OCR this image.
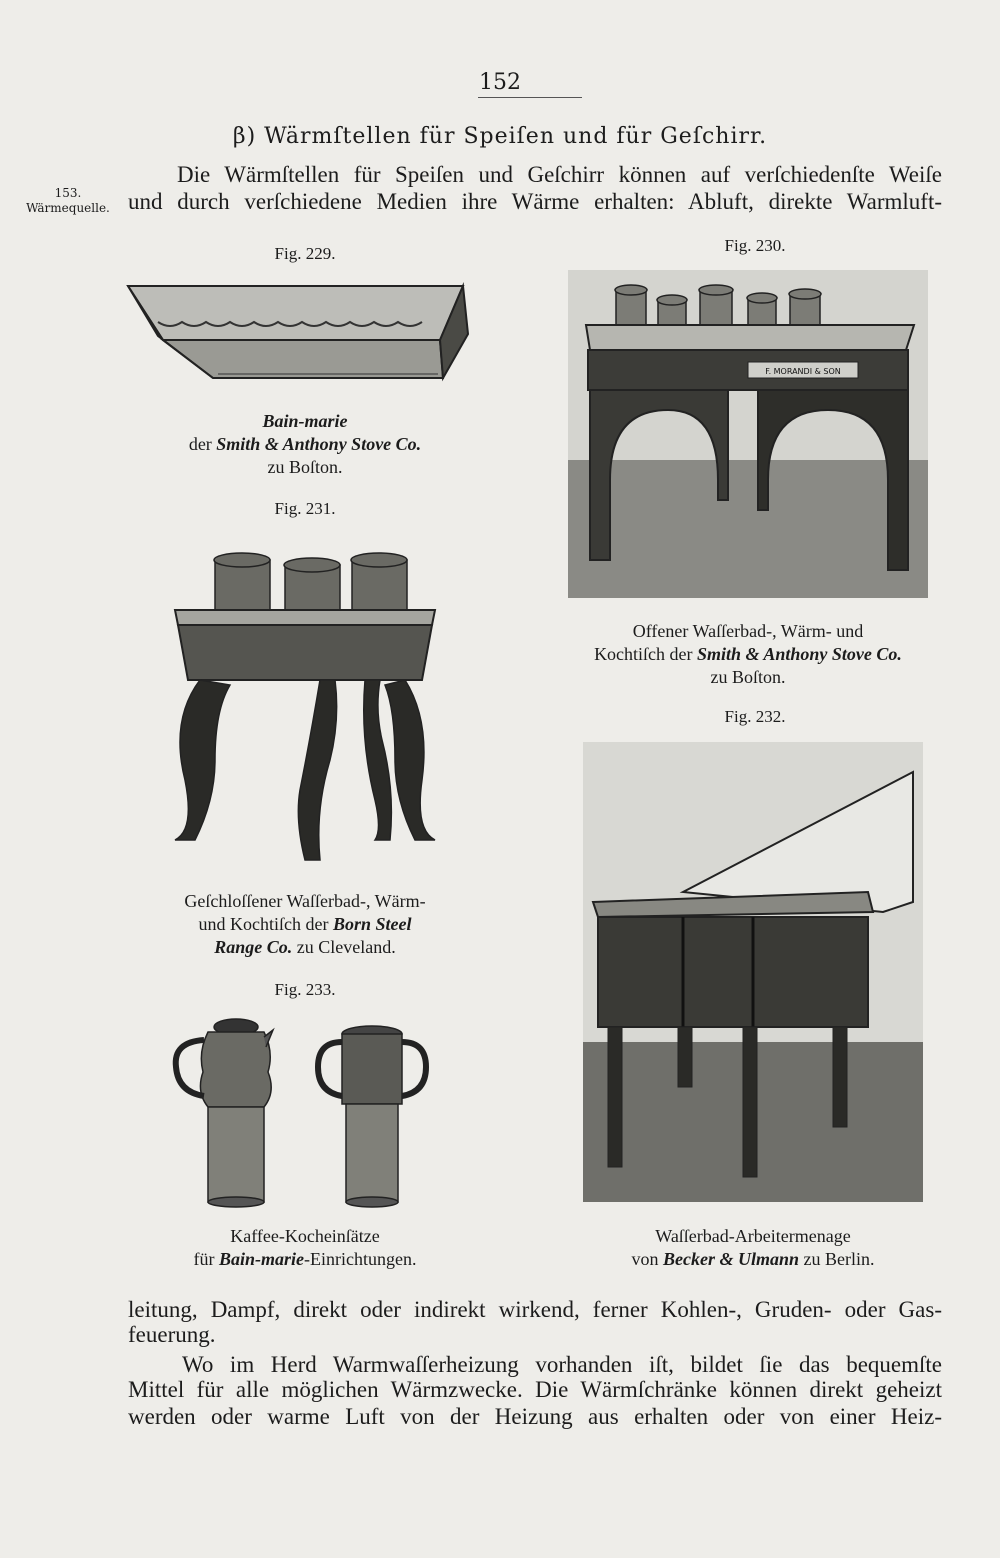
152
β) Wärmſtellen für Speiſen und für Geſchirr.
153.
Wärmequelle.
Die Wärmſtellen für Speiſen und Geſchirr können auf verſchiedenſte Weiſe
und durch verſchiedene Medien ihre Wärme erhalten: Abluft, direkte Warmluft-
Fig. 229.
Bain-marie
der Smith & Anthony Stove Co.
zu Boſton.
Fig. 230.
F. MORANDI & SON
Offener Waſſerbad-, Wärm- und
Kochtiſch der Smith & Anthony Stove Co.
zu Boſton.
Fig. 231.
Geſchloſſener Waſſerbad-, Wärm-
und Kochtiſch der Born Steel
Range Co. zu Cleveland.
Fig. 232.
Waſſerbad-Arbeitermenage
von Becker & Ulmann zu Berlin.
Fig. 233.
Kaffee-Kocheinſätze
für Bain-marie-Einrichtungen.
leitung, Dampf, direkt oder indirekt wirkend, ferner Kohlen-, Gruden- oder Gas-
feuerung.
Wo im Herd Warmwaſſerheizung vorhanden iſt, bildet ſie das bequemſte
Mittel für alle möglichen Wärmzwecke. Die Wärmſchränke können direkt geheizt
werden oder warme Luft von der Heizung aus erhalten oder von einer Heiz-
